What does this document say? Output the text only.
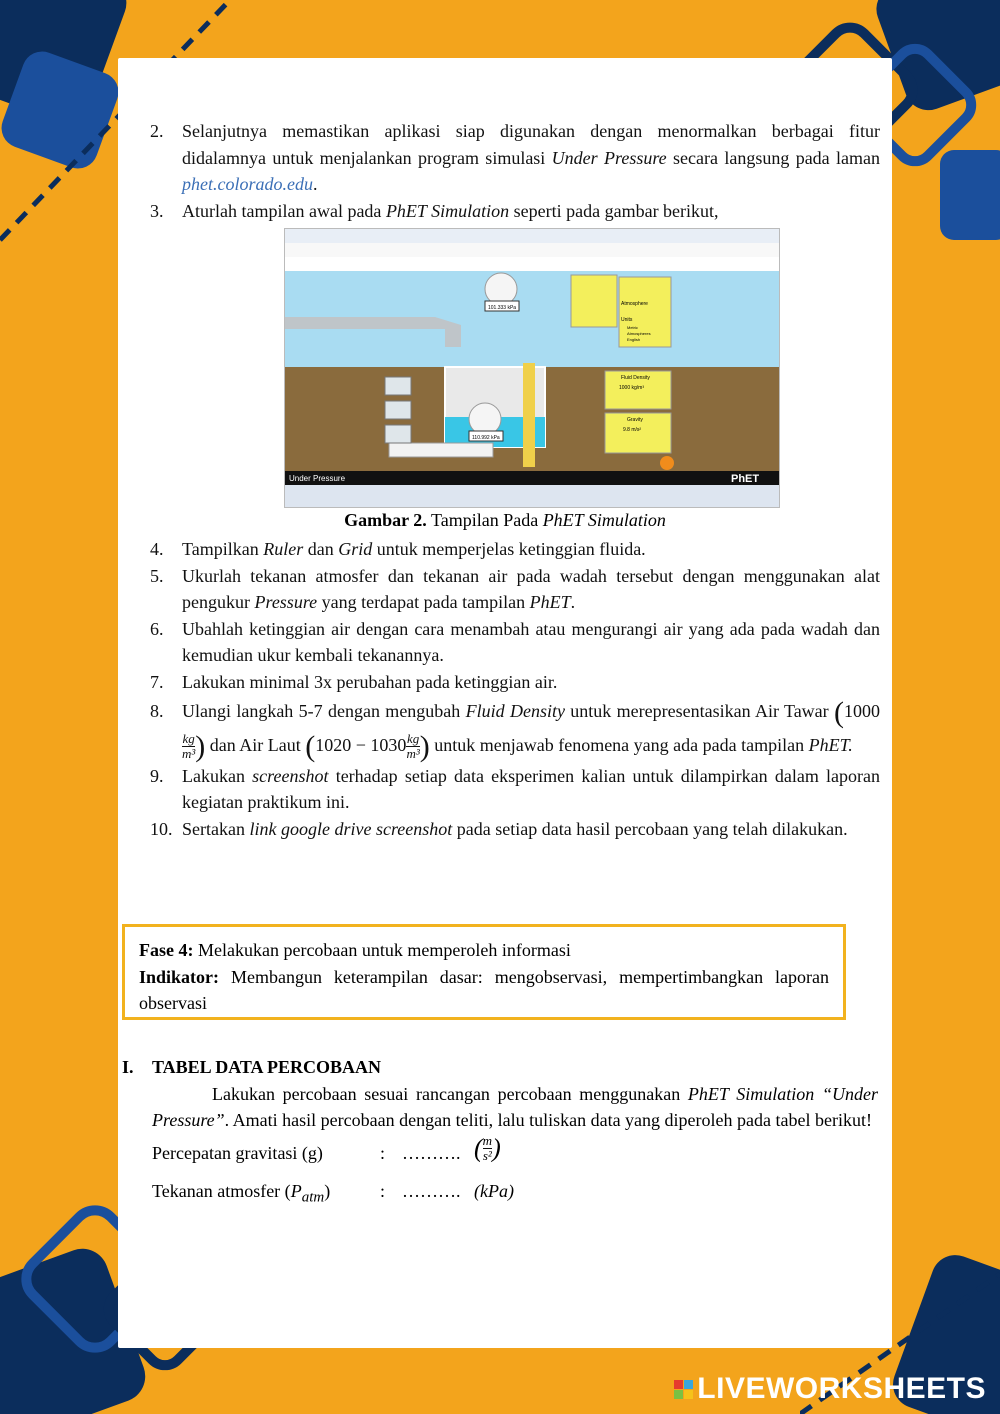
2. Selanjutnya memastikan aplikasi siap digunakan dengan menormalkan berbagai fitur didalamnya untuk menjalankan program simulasi Under Pressure secara langsung pada laman phet.colorado.edu.
3. Aturlah tampilan awal pada PhET Simulation seperti pada gambar berikut,
Under Pressure	PhET
101.333 kPa
110.992 kPa
Atmosphere
Units
Metric
Atmospheres
English
Fluid Density
1000 kg/m³
Gravity
9.8 m/s²
Gambar 2. Tampilan Pada PhET Simulation
4. Tampilkan Ruler dan Grid untuk memperjelas ketinggian fluida.
5. Ukurlah tekanan atmosfer dan tekanan air pada wadah tersebut dengan menggunakan alat pengukur Pressure yang terdapat pada tampilan PhET.
6. Ubahlah ketinggian air dengan cara menambah atau mengurangi air yang ada pada wadah dan kemudian ukur kembali tekanannya.
7. Lakukan minimal 3x perubahan pada ketinggian air.
8. Ulangi langkah 5-7 dengan mengubah Fluid Density untuk merepresentasikan Air Tawar (1000
$\frac{kg}{\text{m³}}$ ) dan Air Laut ($1020 - 1030 \frac{kg}{\text{m³}}$ ) untuk menjawab fenomena yang ada pada tampilan PhET.
9. Lakukan screenshot terhadap setiap data eksperimen kalian untuk dilampirkan dalam laporan kegiatan praktikum ini.
10. Sertakan link google drive screenshot pada setiap data hasil percobaan yang telah dilakukan.
Fase 4: Melakukan percobaan untuk memperoleh informasi
Indikator: Membangun keterampilan dasar: mengobservasi, mempertimbangkan laporan observasi
I. TABEL DATA PERCOBAAN
Lakukan percobaan sesuai rancangan percobaan menggunakan PhET Simulation “Under Pressure”. Amati hasil percobaan dengan teliti, lalu tuliskan data yang diperoleh pada tabel berikut!
Percepatan gravitasi (g)	: ………. ( $\frac{m}{\text{s²}}$ )
Tekanan atmosfer $(P_{atm})$	: ………. (kPa)
LIVEWORKSHEETS
